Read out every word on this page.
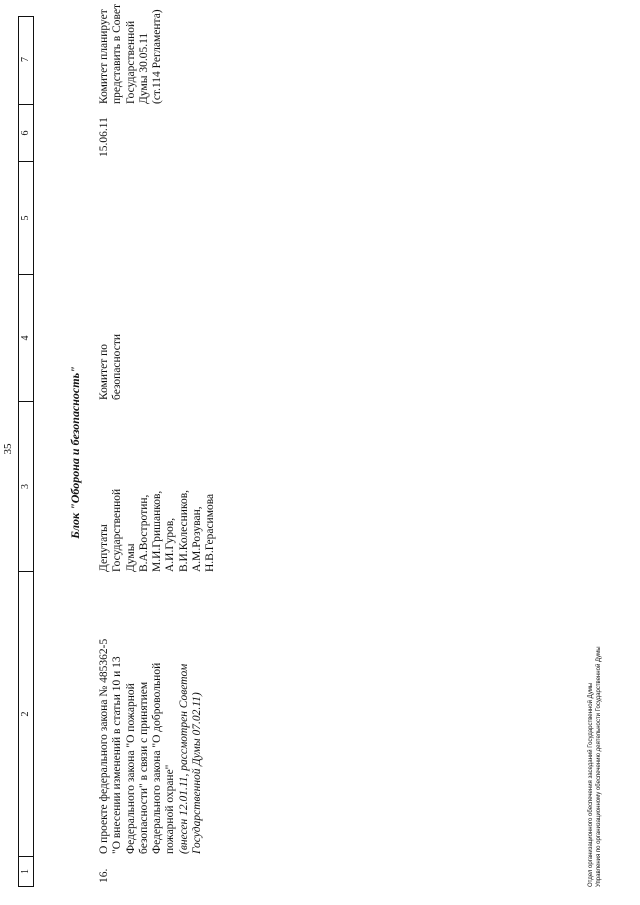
35
1
2
3
4
5
6
7
Блок "Оборона и безопасность"
16.
О проекте федерального закона № 485362-5 "О внесении изменений в статьи 10 и 13 Федерального закона "О пожарной безопасности" в связи с принятием Федерального закона "О добровольной пожарной охране" (внесен 12.01.11, рассмотрен Советом Государственной Думы 07.02.11)
Депутаты Государственной Думы В.А.Вострoтин, М.И.Гришанков, А.И.Гуров, В.И.Колесников, А.М.Розуван, Н.В.Герасимова
Комитет по безопасности
15.06.11
Комитет планирует представить в Совет Государственной Думы 30.05.11 (ст.114 Регламента)
Отдел организационного обеспечения заседаний Государственной Думы Управления по организационному обеспечению деятельности Государственной Думы
